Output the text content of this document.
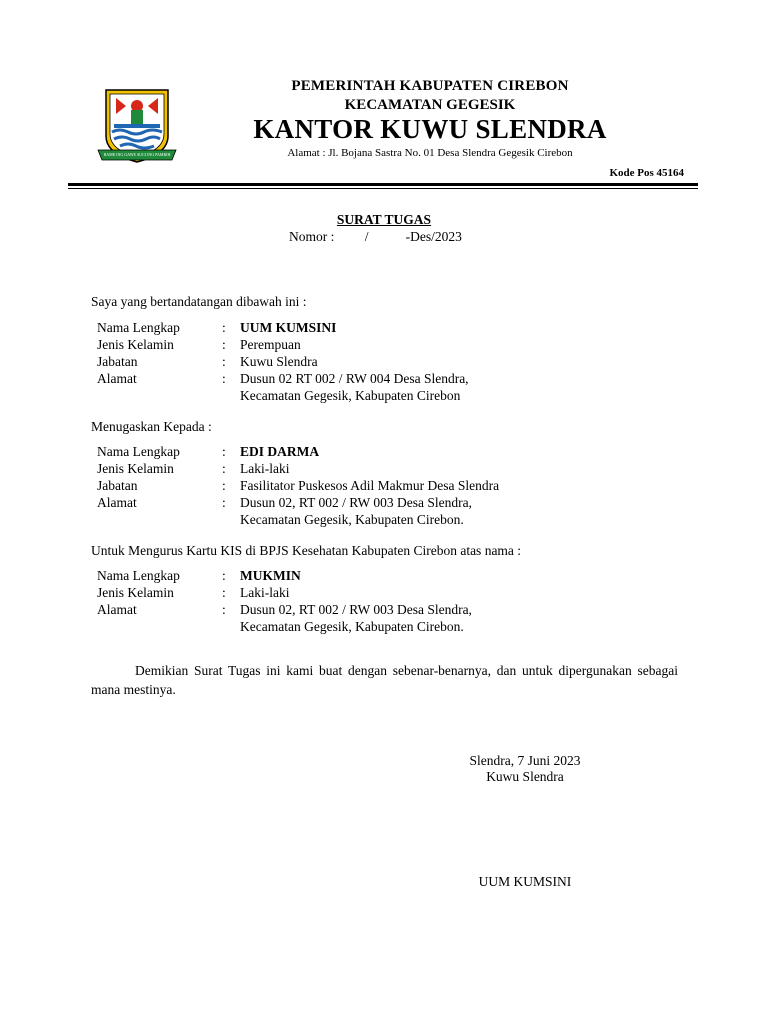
RAME ING GAWE SUCI ING PAMRIH
PEMERINTAH KABUPATEN CIREBON
KECAMATAN GEGESIK
KANTOR KUWU SLENDRA
Alamat : Jl. Bojana Sastra No. 01 Desa Slendra Gegesik Cirebon
Kode Pos 45164
SURAT TUGAS
Nomor :         /           -Des/2023
Saya yang bertandatangan dibawah ini :
Nama Lengkap	: UUM KUMSINI
Jenis Kelamin	: Perempuan
Jabatan	: Kuwu Slendra
Alamat	: Dusun 02 RT 002 / RW 004 Desa Slendra,
Kecamatan Gegesik, Kabupaten Cirebon
Menugaskan Kepada :
Nama Lengkap	: EDI DARMA
Jenis Kelamin	: Laki-laki
Jabatan	: Fasilitator Puskesos Adil Makmur Desa Slendra
Alamat	: Dusun 02, RT 002 / RW 003 Desa Slendra,
Kecamatan Gegesik, Kabupaten Cirebon.
Untuk Mengurus Kartu KIS di BPJS Kesehatan Kabupaten Cirebon atas nama :
Nama Lengkap	: MUKMIN
Jenis Kelamin	: Laki-laki
Alamat	: Dusun 02, RT 002 / RW 003 Desa Slendra,
Kecamatan Gegesik, Kabupaten Cirebon.
Demikian Surat Tugas ini kami buat dengan sebenar-benarnya, dan untuk dipergunakan sebagai mana mestinya.
Slendra, 7 Juni 2023
Kuwu Slendra
UUM KUMSINI
